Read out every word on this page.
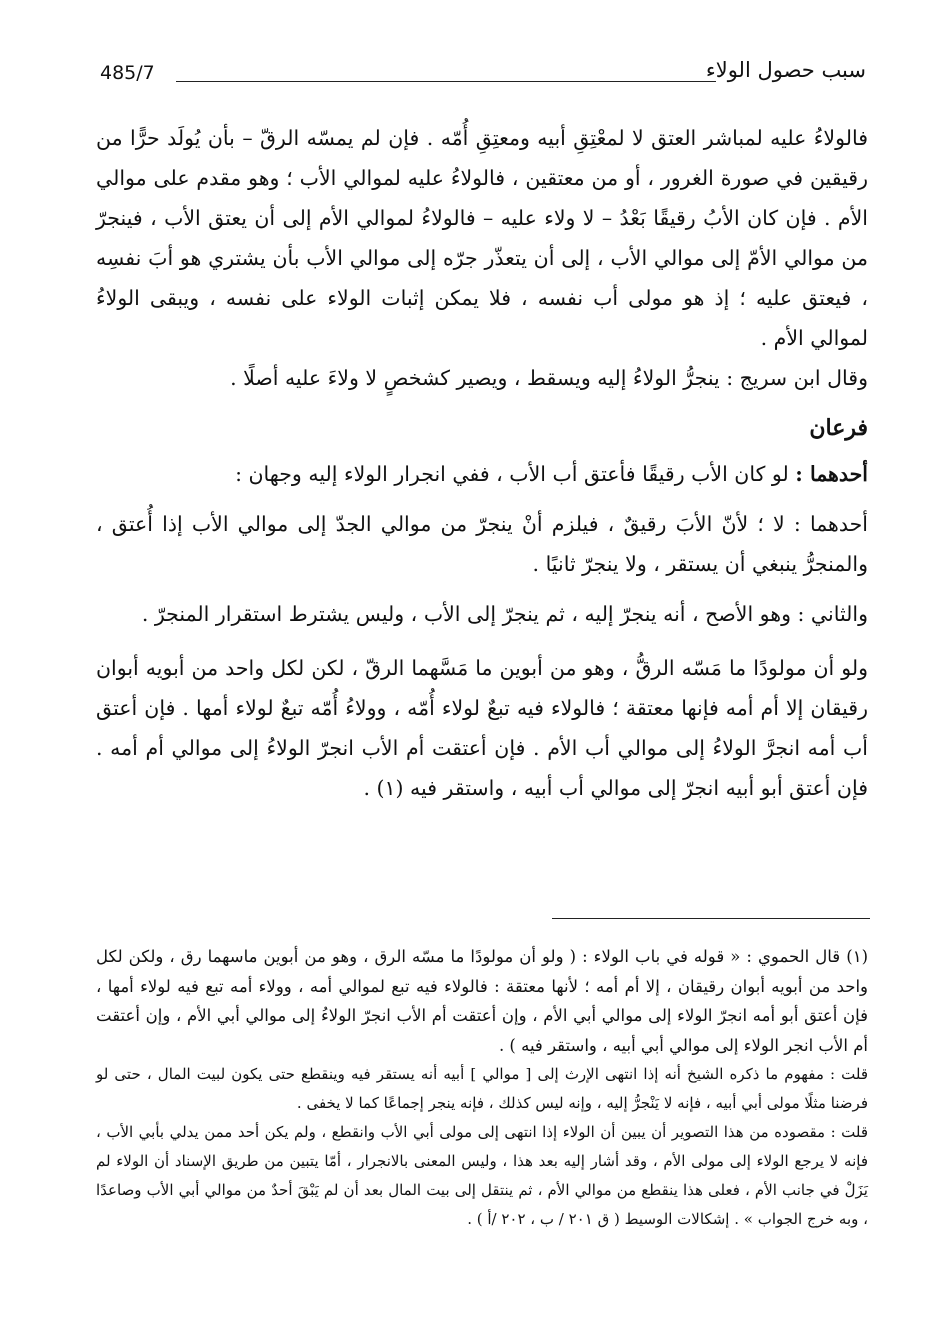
485/7	سبب حصول الولاء

فالولاءُ عليه لمباشر العتق لا لمعْتِقِ أبيه ومعتِقِ أُمّه . فإن لم يمسّه الرقّ – بأن يُولَد حرًّا من رقيقين في صورة الغرور ، أو من معتقين ، فالولاءُ عليه لموالي الأب ؛ وهو مقدم على موالي الأم . فإن كان الأبُ رقيقًا بَعْدُ – لا ولاء عليه – فالولاءُ لموالي الأم إلى أن يعتق الأب ، فينجرّ من موالي الأمّ إلى موالي الأب ، إلى أن يتعذّر جرّه إلى موالي الأب بأن يشتري هو أبَ نفسِه ، فيعتق عليه ؛ إذ هو مولى أب نفسه ، فلا يمكن إثبات الولاء على نفسه ، ويبقى الولاءُ لموالي الأم .

وقال ابن سريج : ينجرُّ الولاءُ إليه ويسقط ، ويصير كشخصٍ لا ولاءَ عليه أصلًا .

فرعان

أحدهما : لو كان الأب رقيقًا فأعتق أب الأب ، ففي انجرار الولاء إليه وجهان :

أحدهما : لا ؛ لأنّ الأبَ رقيقٌ ، فيلزم أنْ ينجرّ من موالي الجدّ إلى موالي الأب إذا أُعتق ، والمنجرُّ ينبغي أن يستقر ، ولا ينجرّ ثانيًا .

والثاني : وهو الأصح ، أنه ينجرّ إليه ، ثم ينجرّ إلى الأب ، وليس يشترط استقرار المنجرّ .

ولو أن مولودًا ما مَسّه الرقُّ ، وهو من أبوين ما مَسَّهما الرقّ ، لكن لكل واحد من أبويه أبوان رقيقان إلا أم أمه فإنها معتقة ؛ فالولاء فيه تبعٌ لولاء أُمّه ، وولاءُ أُمّه تبعٌ لولاء أمها . فإن أعتق أب أمه انجرَّ الولاءُ إلى موالي أب الأم . فإن أعتقت أم الأب انجرّ الولاءُ إلى موالي أم أمه . فإن أعتق أبو أبيه انجرّ إلى موالي أب أبيه ، واستقر فيه (١) .

(١) قال الحموي : « قوله في باب الولاء : ( ولو أن مولودًا ما مسّه الرق ، وهو من أبوين ماسهما رق ، ولكن لكل واحد من أبويه أبوان رقيقان ، إلا أم أمه ؛ لأنها معتقة : فالولاء فيه تبع لموالي أمه ، وولاء أمه تبع فيه لولاء أمها ، فإن أعتق أبو أمه انجرّ الولاء إلى موالي أبي الأم ، وإن أعتقت أم الأب انجرّ الولاءُ إلى موالي أبي الأم ، وإن أعتقت أم الأب انجر الولاء إلى موالي أبي أبيه ، واستقر فيه ) .

قلت : مفهوم ما ذكره الشيخ أنه إذا انتهى الإرث إلى [ موالي ] أبيه أنه يستقر فيه وينقطع حتى يكون لبيت المال ، حتى لو فرضنا مثلًا مولى أبي أبيه ، فإنه لا يَنْجرُّ إليه ، وإنه ليس كذلك ، فإنه ينجر إجماعًا كما لا يخفى .

قلت : مقصوده من هذا التصوير أن يبين أن الولاء إذا انتهى إلى مولى أبي الأب وانقطع ، ولم يكن أحد ممن يدلي بأبي الأب ، فإنه لا يرجع الولاء إلى مولى الأم ، وقد أشار إليه بعد هذا ، وليس المعنى بالانجرار ، أمّا يتبين من طريق الإسناد أن الولاء لم يَزَلْ في جانب الأم ، فعلى هذا ينقطع من موالي الأم ، ثم ينتقل إلى بيت المال بعد أن لم يَبْقَ أحدٌ من موالي أبي الأب وصاعدًا ، وبه خرج الجواب » . إشكالات الوسيط ( ق ٢٠١ / ب ، ٢٠٢ /أ ) .
